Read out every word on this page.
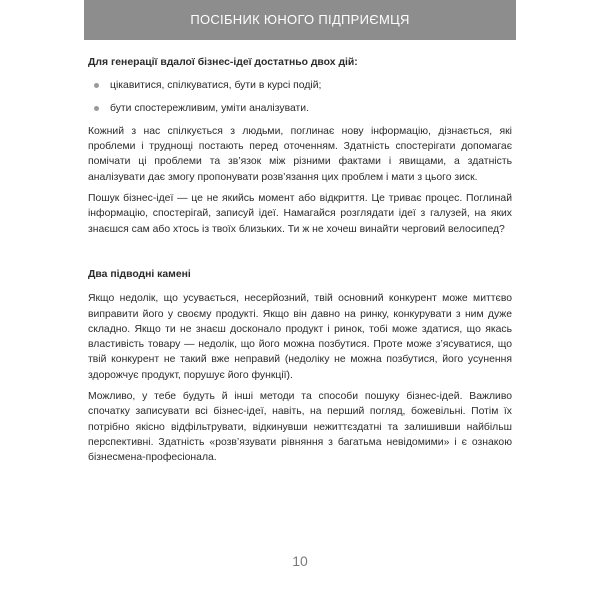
ПОСІБНИК ЮНОГО ПІДПРИЄМЦЯ
Для генерації вдалої бізнес-ідеї достатньо двох дій:
цікавитися, спілкуватися, бути в курсі подій;
бути спостережливим, уміти аналізувати.

Кожний з нас спілкується з людьми, поглинає нову інформацію, дізнається, які проблеми і труднощі постають перед оточенням. Здатність спостерігати допомагає помічати ці проблеми та зв’язок між різними фактами і явищами, а здатність аналізувати дає змогу пропонувати розв’язання цих проблем і мати з цього зиск.

Пошук бізнес-ідеї — це не якийсь момент або відкриття. Це триває процес. Поглинай інформацію, спостерігай, записуй ідеї. Намагайся розглядати ідеї з галузей, на яких знаєшся сам або хтось із твоїх близьких. Ти ж не хочеш винайти черговий велосипед?

Два підводні камені

Якщо недолік, що усувається, несерйозний, твій основний конкурент може миттєво виправити його у своєму продукті. Якщо він давно на ринку, конкурувати з ним дуже складно. Якщо ти не знаєш досконало продукт і ринок, тобі може здатися, що якась властивість товару — недолік, що його можна позбутися. Проте може з’ясуватися, що твій конкурент не такий вже неправий (недоліку не можна позбутися, його усунення здорожчує продукт, порушує його функції).

Можливо, у тебе будуть й інші методи та способи пошуку бізнес-ідей. Важливо спочатку записувати всі бізнес-ідеї, навіть, на перший погляд, божевільні. Потім їх потрібно якісно відфільтрувати, відкинувши нежиттєздатні та залишивши найбільш перспективні. Здатність «розв’язувати рівняння з багатьма невідомими» і є ознакою бізнесмена-професіонала.

10
